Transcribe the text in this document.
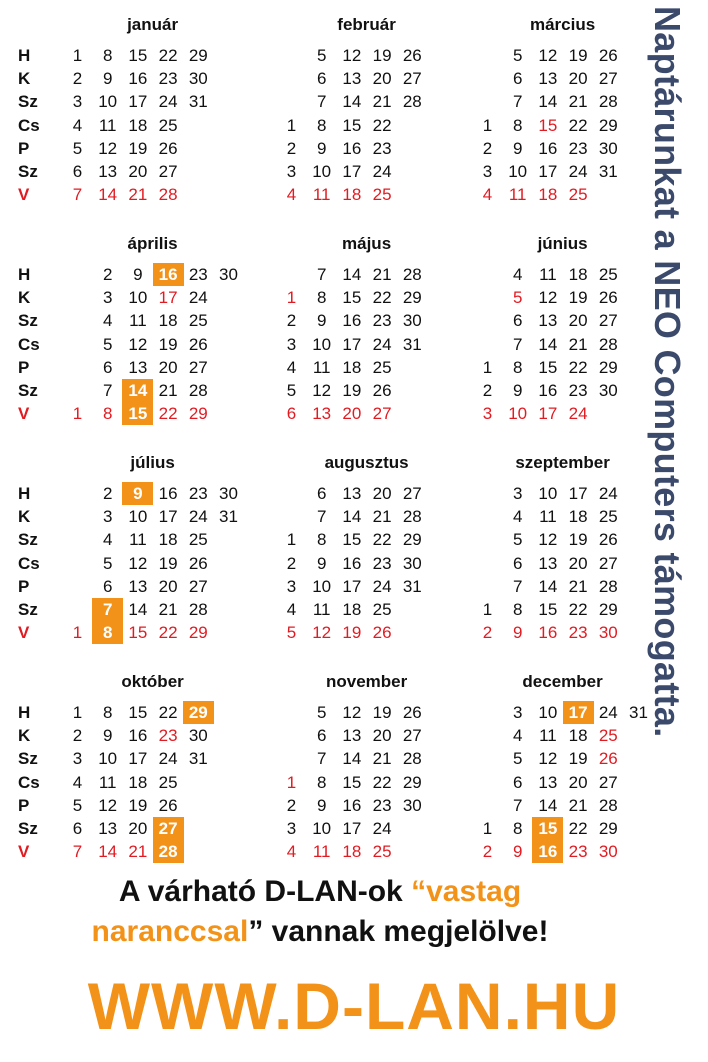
H
K
Sz
Cs
P
Sz
V
H
K
Sz
Cs
P
Sz
V
H
K
Sz
Cs
P
Sz
V
H
K
Sz
Cs
P
Sz
V
január
1
2
3
4
5
6
7
8
9
10
11
12
13
14
15
16
17
18
19
20
21
22
23
24
25
26
27
28
29
30
31
február
1
2
3
4
5
6
7
8
9
10
11
12
13
14
15
16
17
18
19
20
21
22
23
24
25
26
27
28
március
1
2
3
4
5
6
7
8
9
10
11
12
13
14
15
16
17
18
19
20
21
22
23
24
25
26
27
28
29
30
31
április
1
2
3
4
5
6
7
8
9
10
11
12
13
14
15
16
17
18
19
20
21
22
23
24
25
26
27
28
29
30
május
1
2
3
4
5
6
7
8
9
10
11
12
13
14
15
16
17
18
19
20
21
22
23
24
25
26
27
28
29
30
31
június
1
2
3
4
5
6
7
8
9
10
11
12
13
14
15
16
17
18
19
20
21
22
23
24
25
26
27
28
29
30
július
1
2
3
4
5
6
7
8
9
10
11
12
13
14
15
16
17
18
19
20
21
22
23
24
25
26
27
28
29
30
31
augusztus
1
2
3
4
5
6
7
8
9
10
11
12
13
14
15
16
17
18
19
20
21
22
23
24
25
26
27
28
29
30
31
szeptember
1
2
3
4
5
6
7
8
9
10
11
12
13
14
15
16
17
18
19
20
21
22
23
24
25
26
27
28
29
30
október
1
2
3
4
5
6
7
8
9
10
11
12
13
14
15
16
17
18
19
20
21
22
23
24
25
26
27
28
29
30
31
november
1
2
3
4
5
6
7
8
9
10
11
12
13
14
15
16
17
18
19
20
21
22
23
24
25
26
27
28
29
30
december
1
2
3
4
5
6
7
8
9
10
11
12
13
14
15
16
17
18
19
20
21
22
23
24
25
26
27
28
29
30
31
A várható D-LAN-ok “vastag
naranccsal” vannak megjelölve!
WWW.D-LAN.HU
Naptárunkat a NEO Computers támogatta.
